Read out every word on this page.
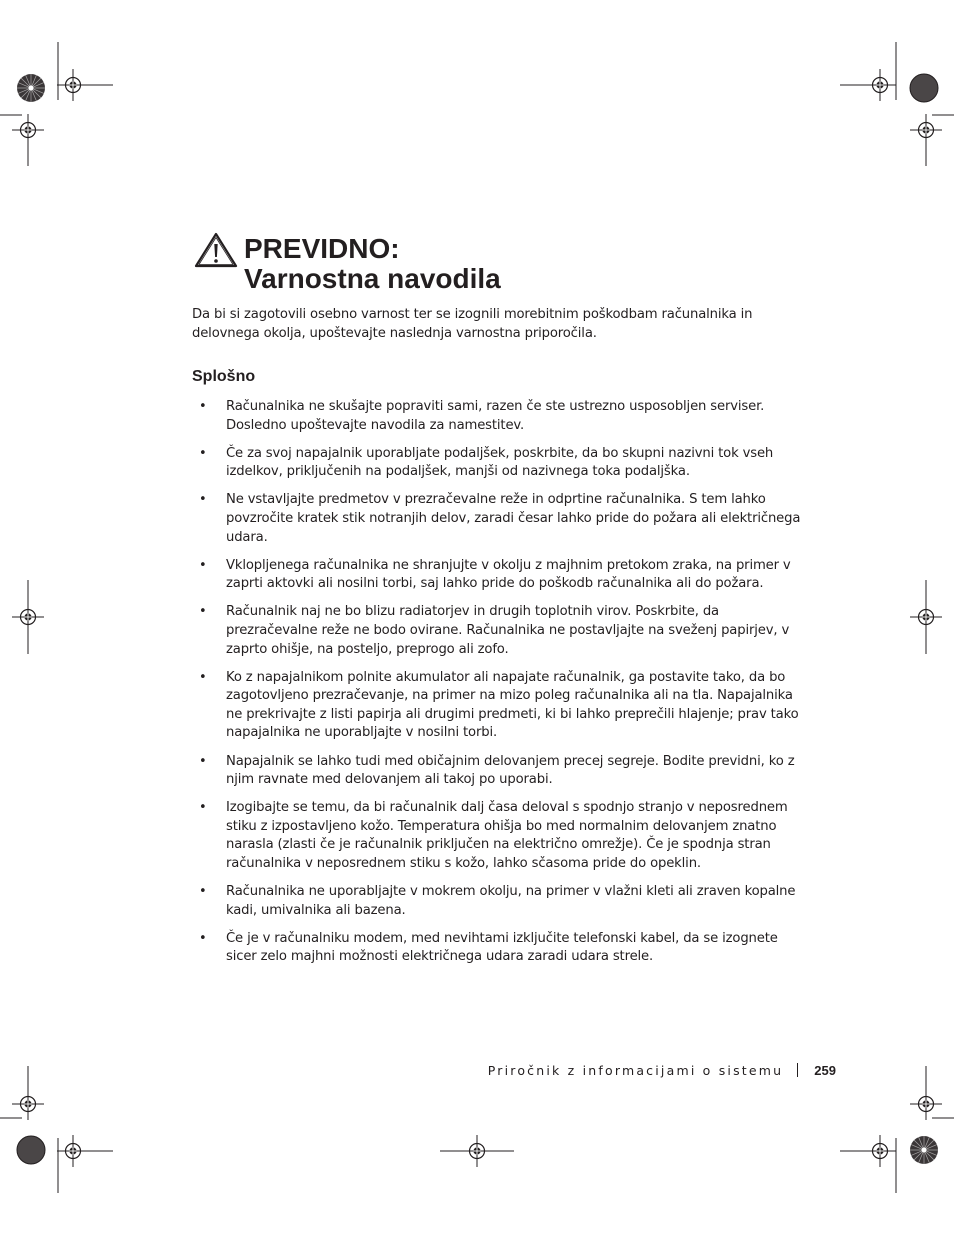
PREVIDNO:
Varnostna navodila

Da bi si zagotovili osebno varnost ter se izognili morebitnim poškodbam računalnika in delovnega okolja, upoštevajte naslednja varnostna priporočila.

Splošno
• Računalnika ne skušajte popraviti sami, razen če ste ustrezno usposobljen serviser. Dosledno upoštevajte navodila za namestitev.
• Če za svoj napajalnik uporabljate podaljšek, poskrbite, da bo skupni nazivni tok vseh izdelkov, priključenih na podaljšek, manjši od nazivnega toka podaljška.
• Ne vstavljajte predmetov v prezračevalne reže in odprtine računalnika. S tem lahko povzročite kratek stik notranjih delov, zaradi česar lahko pride do požara ali električnega udara.
• Vklopljenega računalnika ne shranjujte v okolju z majhnim pretokom zraka, na primer v zaprti aktovki ali nosilni torbi, saj lahko pride do poškodb računalnika ali do požara.
• Računalnik naj ne bo blizu radiatorjev in drugih toplotnih virov. Poskrbite, da prezračevalne reže ne bodo ovirane. Računalnika ne postavljajte na sveženj papirjev, v zaprto ohišje, na posteljo, preprogo ali zofo.
• Ko z napajalnikom polnite akumulator ali napajate računalnik, ga postavite tako, da bo zagotovljeno prezračevanje, na primer na mizo poleg računalnika ali na tla. Napajalnika ne prekrivajte z listi papirja ali drugimi predmeti, ki bi lahko preprečili hlajenje; prav tako napajalnika ne uporabljajte v nosilni torbi.
• Napajalnik se lahko tudi med običajnim delovanjem precej segreje. Bodite previdni, ko z njim ravnate med delovanjem ali takoj po uporabi.
• Izogibajte se temu, da bi računalnik dalj časa deloval s spodnjo stranjo v neposrednem stiku z izpostavljeno kožo. Temperatura ohišja bo med normalnim delovanjem znatno narasla (zlasti če je računalnik priključen na električno omrežje). Če je spodnja stran računalnika v neposrednem stiku s kožo, lahko sčasoma pride do opeklin.
• Računalnika ne uporabljajte v mokrem okolju, na primer v vlažni kleti ali zraven kopalne kadi, umivalnika ali bazena.
• Če je v računalniku modem, med nevihtami izklјučite telefonski kabel, da se izognete sicer zelo majhni možnosti električnega udara zaradi udara strele.
Priročnik z informacijami o sistemu 259
